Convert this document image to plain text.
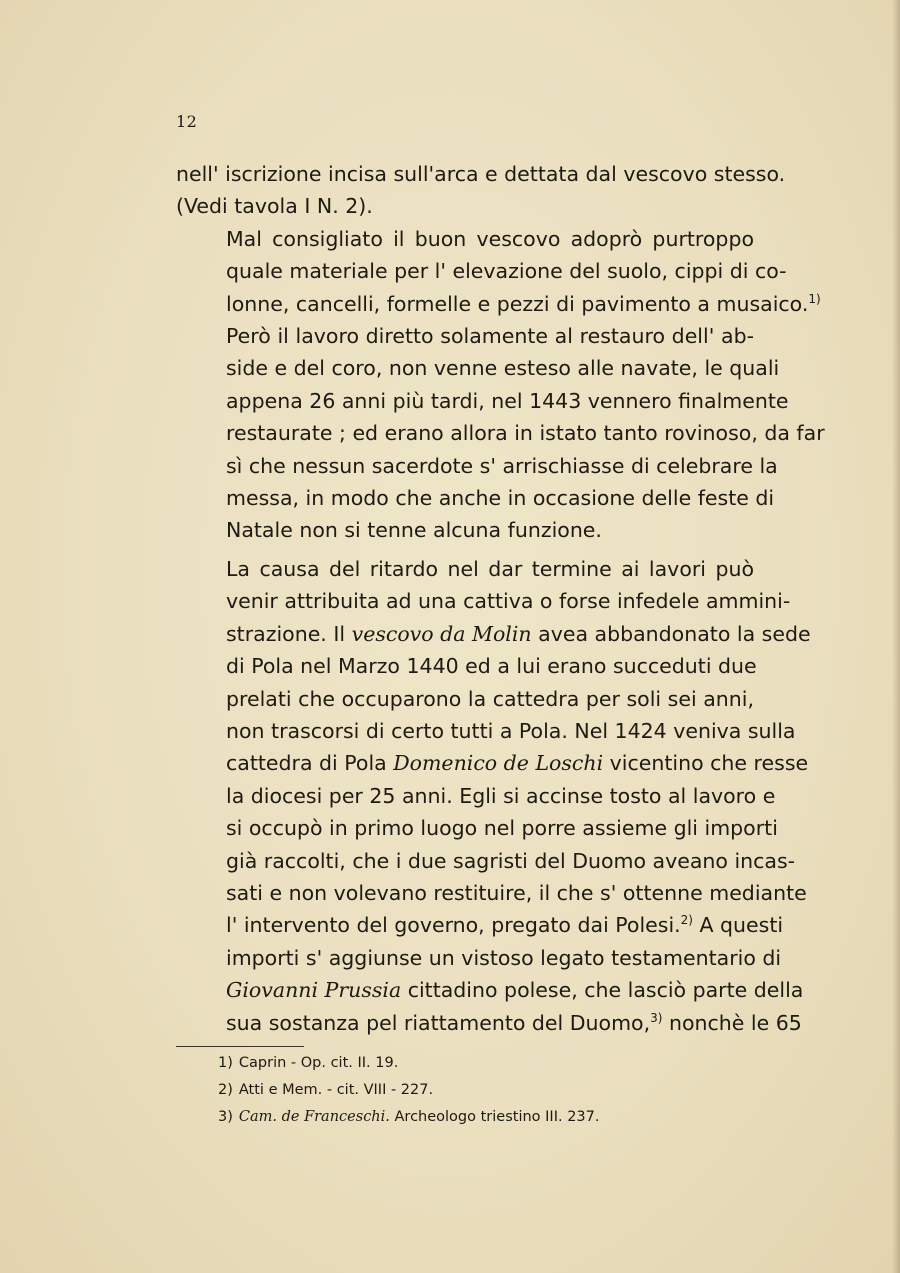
12

nell' iscrizione incisa sull'arca e dettata dal vescovo stesso.
(Vedi tavola I N. 2).

Mal consigliato il buon vescovo adoprò purtroppo
quale materiale per l' elevazione del suolo, cippi di co-
lonne, cancelli, formelle e pezzi di pavimento a musaico.$^{1)}$

Però il lavoro diretto solamente al restauro dell' ab-
side e del coro, non venne esteso alle navate, le quali
appena 26 anni più tardi, nel 1443 vennero finalmente
restaurate ; ed erano allora in istato tanto rovinoso, da far
sì che nessun sacerdote s' arrischiasse di celebrare la
messa, in modo che anche in occasione delle feste di
Natale non si tenne alcuna funzione.

La causa del ritardo nel dar termine ai lavori può
venir attribuita ad una cattiva o forse infedele ammini-
strazione. Il vescovo da Molin avea abbandonato la sede
di Pola nel Marzo 1440 ed a lui erano succeduti due
prelati che occuparono la cattedra per soli sei anni,
non trascorsi di certo tutti a Pola. Nel 1424 veniva sulla
cattedra di Pola Domenico de Loschi vicentino che resse
la diocesi per 25 anni. Egli si accinse tosto al lavoro e
si occupò in primo luogo nel porre assieme gli importi
già raccolti, che i due sagristi del Duomo aveano incas-
sati e non volevano restituire, il che s' ottenne mediante
l' intervento del governo, pregato dai Polesi.$^{2)}$ A questi
importi s' aggiunse un vistoso legato testamentario di
Giovanni Prussia cittadino polese, che lasciò parte della
sua sostanza pel riattamento del Duomo,$^{3)}$ nonchè le 65

1) Caprin - Op. cit. II. 19.
2) Atti e Mem. - cit. VIII - 227.
3) Cam. de Franceschi. Archeologo triestino III. 237.
